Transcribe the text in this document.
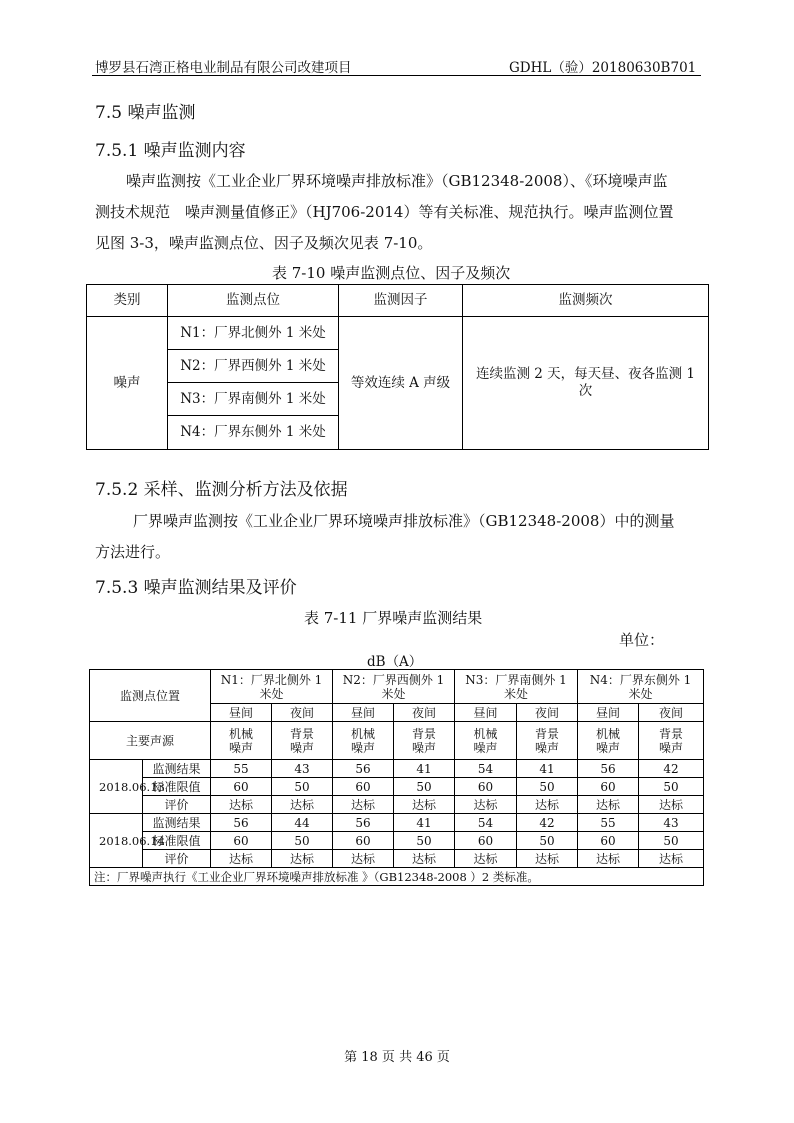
博罗县石湾正格电业制品有限公司改建项目	GDHL（验）20180630B701
7.5 噪声监测
7.5.1 噪声监测内容
噪声监测按《工业企业厂界环境噪声排放标准》（GB12348-2008）、《环境噪声监
测技术规范　噪声测量值修正》（HJ706-2014）等有关标准、规范执行。噪声监测位置
见图 3-3，噪声监测点位、因子及频次见表 7-10。
表 7-10 噪声监测点位、因子及频次
类别	监测点位	监测因子	监测频次
噪声	N1：厂界北侧外 1 米处	等效连续 A 声级	连续监测 2 天，每天昼、夜各监测 1 次
	N2：厂界西侧外 1 米处		
	N3：厂界南侧外 1 米处		
	N4：厂界东侧外 1 米处		
7.5.2 采样、监测分析方法及依据
厂界噪声监测按《工业企业厂界环境噪声排放标准》（GB12348-2008）中的测量
方法进行。
7.5.3 噪声监测结果及评价
表 7-11 厂界噪声监测结果
单位：
dB（A）
监测点位置		N1：厂界北侧外 1 米处		N2：厂界西侧外 1 米处		N3：厂界南侧外 1 米处		N4：厂界东侧外 1 米处	
		昼间	夜间	昼间	夜间	昼间	夜间	昼间	夜间
主要声源		机械噪声	背景噪声	机械噪声	背景噪声	机械噪声	背景噪声	机械噪声	背景噪声
2018.06.13	监测结果	55	43	56	41	54	41	56	42
	标准限值	60	50	60	50	60	50	60	50
	评价	达标	达标	达标	达标	达标	达标	达标	达标
2018.06.14	监测结果	56	44	56	41	54	42	55	43
	标准限值	60	50	60	50	60	50	60	50
	评价	达标	达标	达标	达标	达标	达标	达标	达标
注：厂界噪声执行《工业企业厂界环境噪声排放标准 》（GB12348-2008 ）2 类标准。									
第 18 页 共 46 页
